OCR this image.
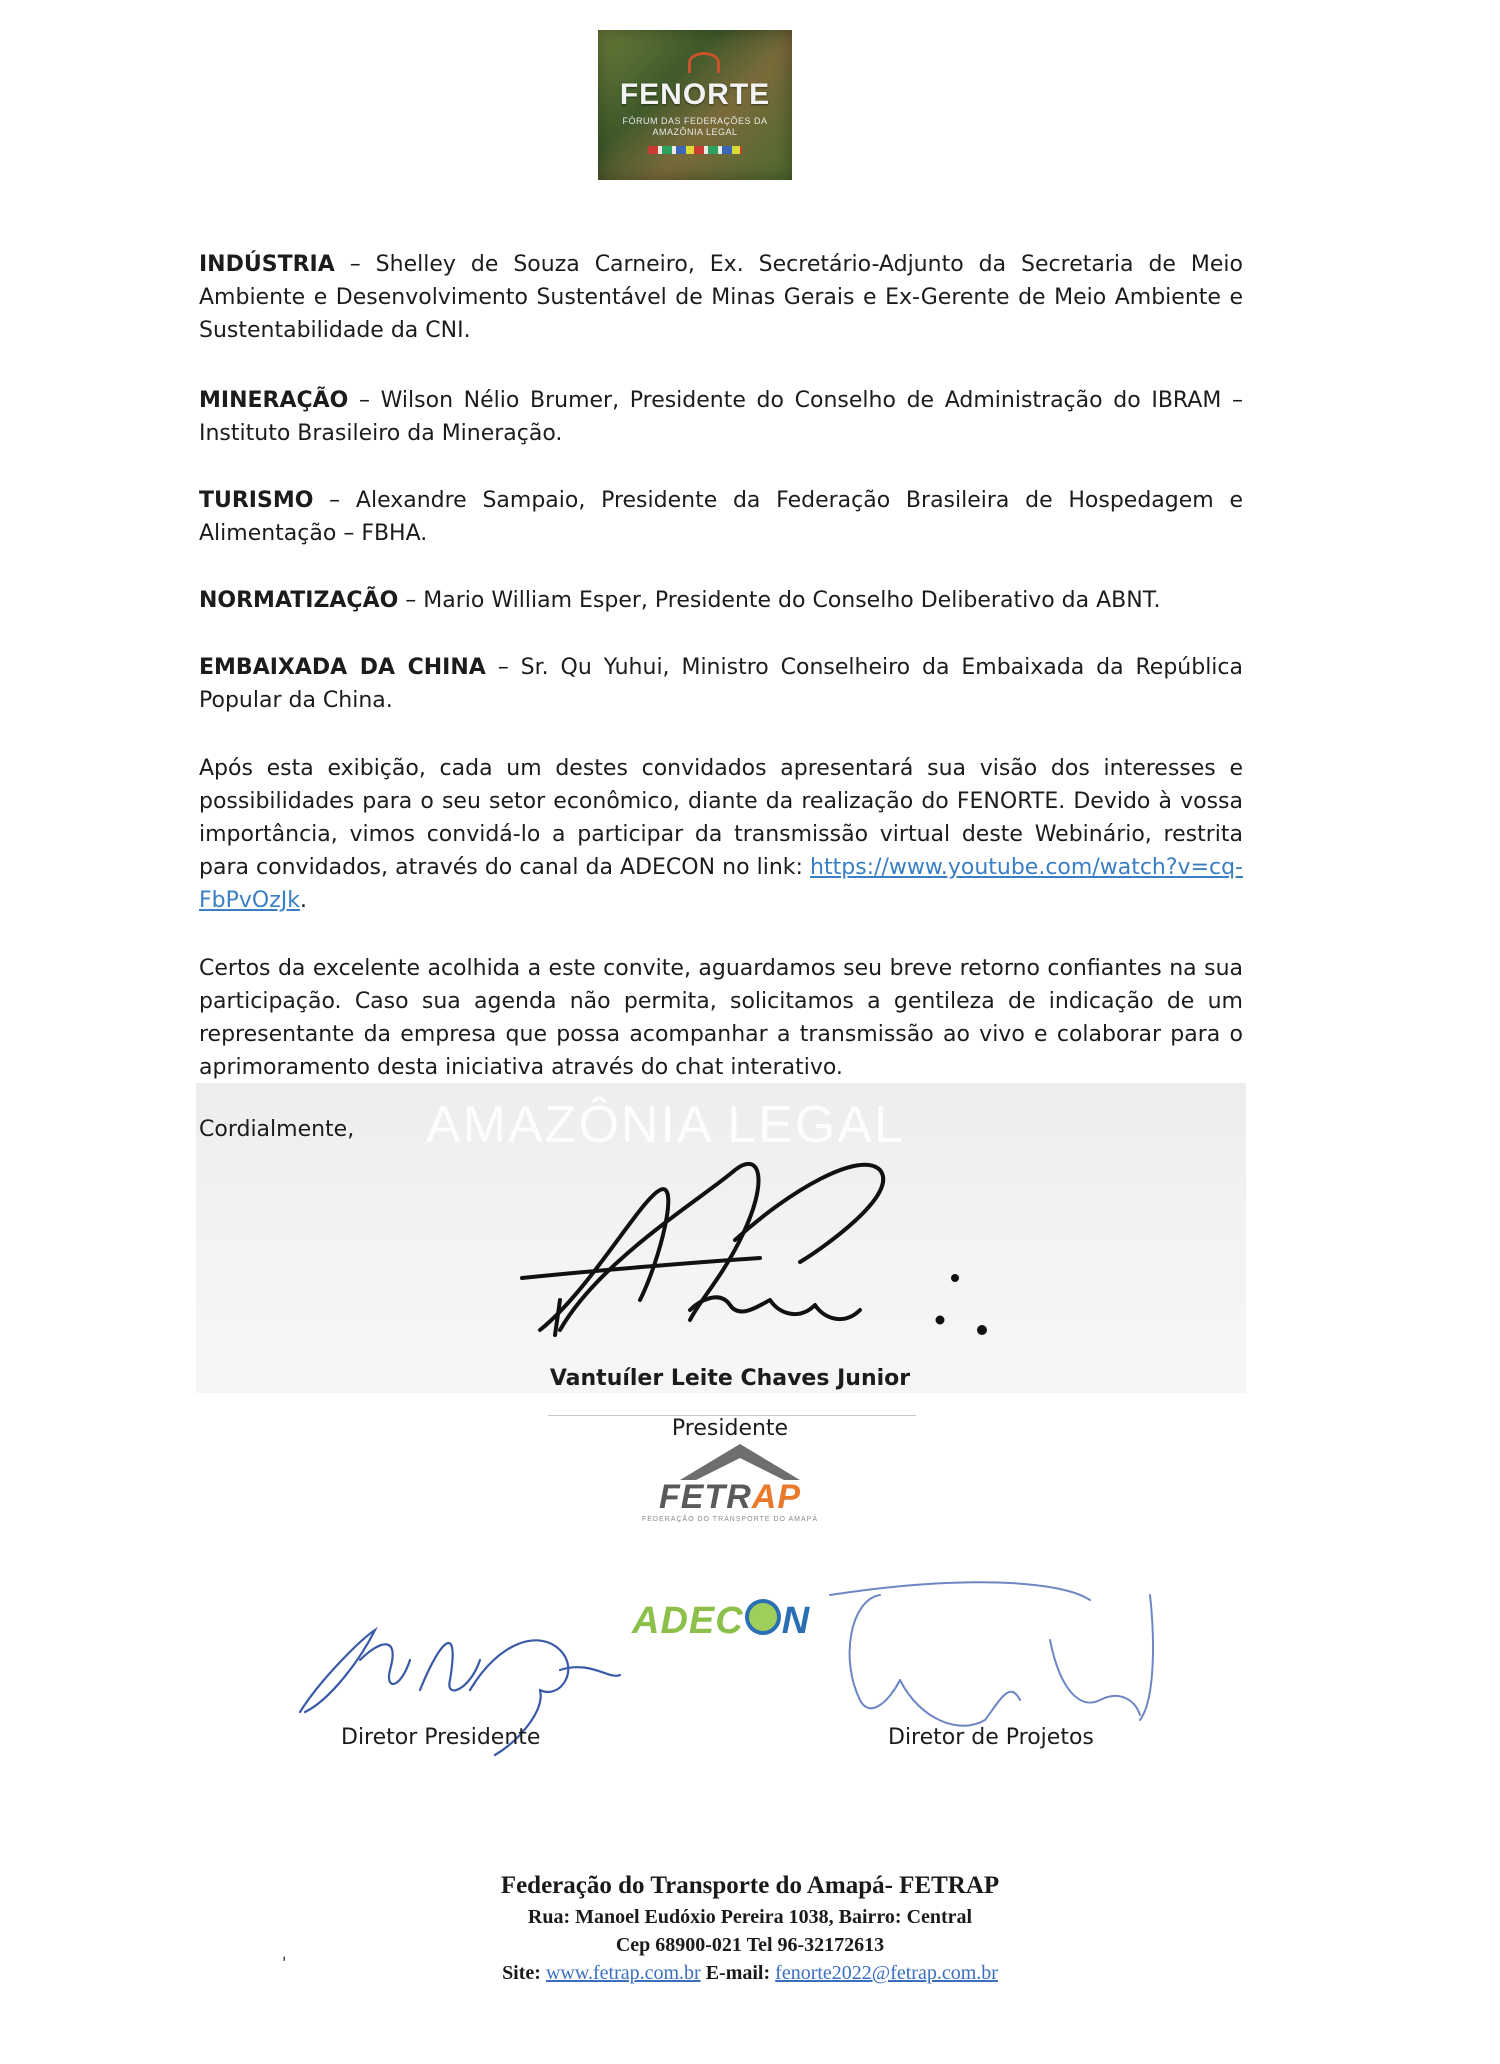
FENORTE
FÓRUM DAS FEDERAÇÕES DA AMAZÔNIA LEGAL

INDÚSTRIA – Shelley de Souza Carneiro, Ex. Secretário-Adjunto da Secretaria de Meio Ambiente e Desenvolvimento Sustentável de Minas Gerais e Ex-Gerente de Meio Ambiente e Sustentabilidade da CNI.

MINERAÇÃO – Wilson Nélio Brumer, Presidente do Conselho de Administração do IBRAM – Instituto Brasileiro da Mineração.

TURISMO – Alexandre Sampaio, Presidente da Federação Brasileira de Hospedagem e Alimentação – FBHA.

NORMATIZAÇÃO – Mario William Esper, Presidente do Conselho Deliberativo da ABNT.

EMBAIXADA DA CHINA – Sr. Qu Yuhui, Ministro Conselheiro da Embaixada da República Popular da China.

Após esta exibição, cada um destes convidados apresentará sua visão dos interesses e possibilidades para o seu setor econômico, diante da realização do FENORTE. Devido à vossa importância, vimos convidá-lo a participar da transmissão virtual deste Webinário, restrita para convidados, através do canal da ADECON no link: https://www.youtube.com/watch?v=cq-FbPvOzJk.

Certos da excelente acolhida a este convite, aguardamos seu breve retorno confiantes na sua participação. Caso sua agenda não permita, solicitamos a gentileza de indicação de um representante da empresa que possa acompanhar a transmissão ao vivo e colaborar para o aprimoramento desta iniciativa através do chat interativo.

AMAZÔNIA LEGAL

Cordialmente,

Vantuíler Leite Chaves Junior

Presidente

FETRAP
FEDERAÇÃO DO TRANSPORTE DO AMAPÁ
ADEC N

Diretor Presidente	Diretor de Projetos

Federação do Transporte do Amapá- FETRAP

Rua: Manoel Eudóxio Pereira 1038, Bairro: Central

Cep 68900-021 Tel 96-32172613

Site: www.fetrap.com.br E-mail: fenorte2022@fetrap.com.br

'
